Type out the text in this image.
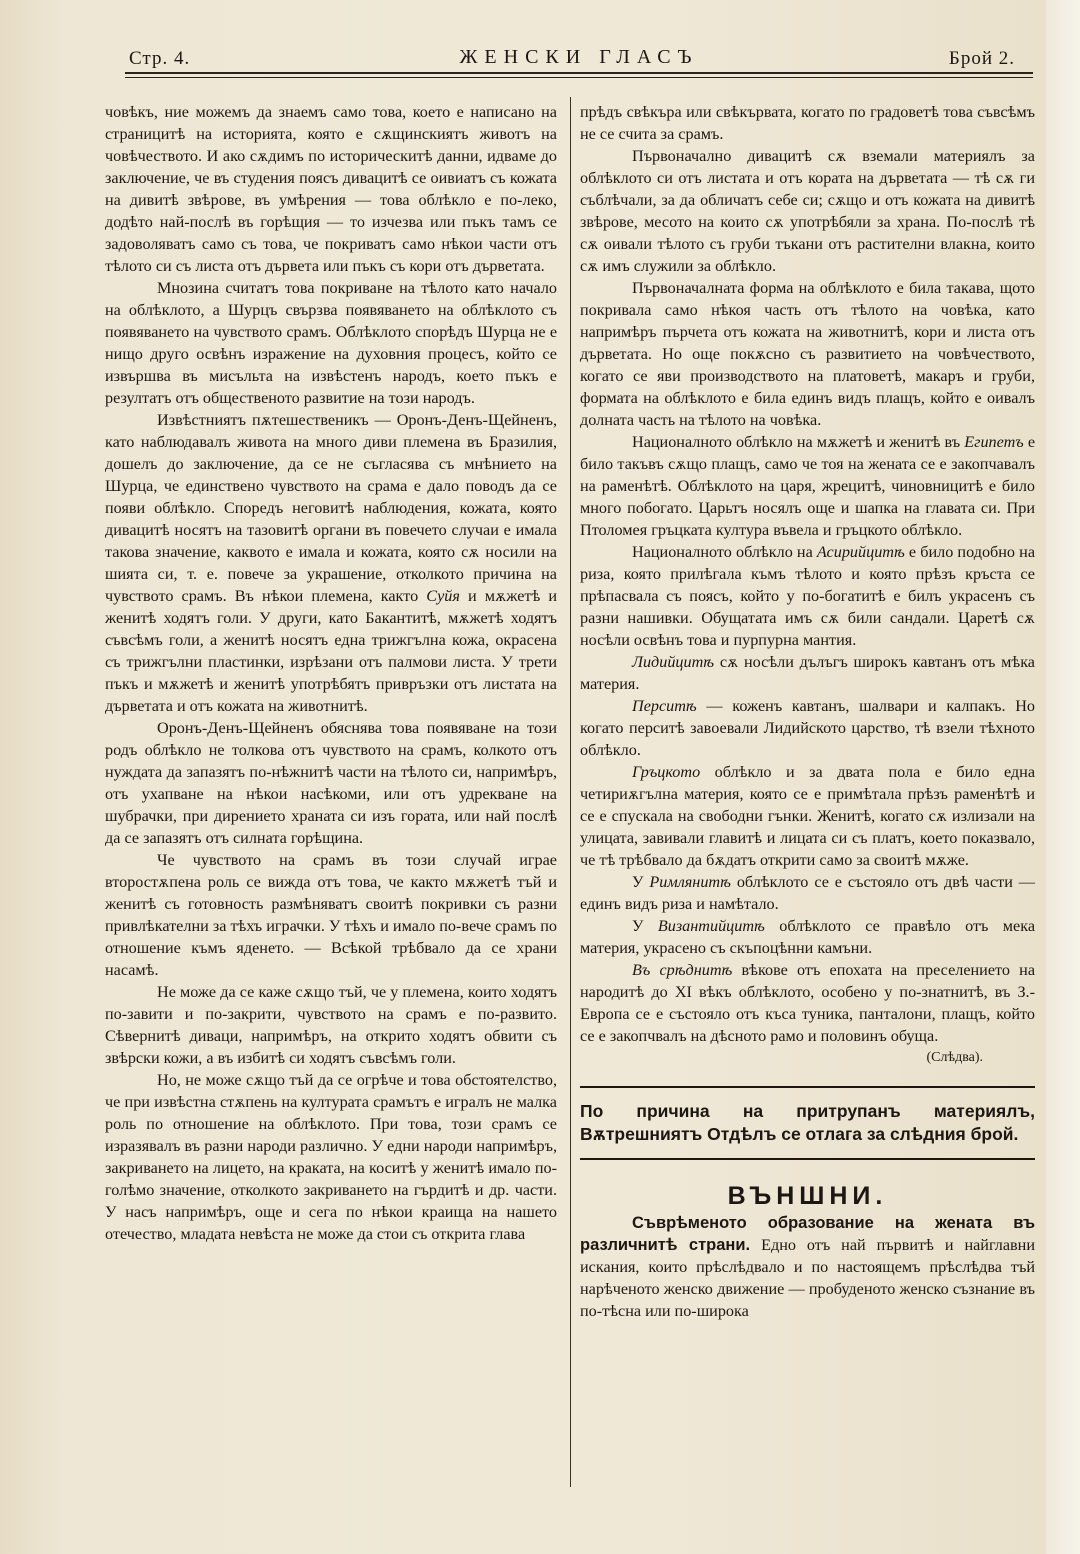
Стр. 4.	ЖЕНСКИ ГЛАСЪ	Брой 2.

човѣкъ, ние можемъ да знаемъ само това, което е написано на страницитѣ на историята, която е сѫщинскиятъ животъ на човѣчеството. И ако сѫдимъ по историческитѣ данни, идваме до заключение, че въ студения поясъ дивацитѣ се оивиатъ съ кожата на дивитѣ звѣрове, въ умѣрения — това облѣкло е по-леко, додѣто най-послѣ въ горѣщия — то изчезва или пъкъ тамъ се задоволяватъ само съ това, че покриватъ само нѣкои части отъ тѣлото си съ листа отъ дървета или пъкъ съ кори отъ дърветата.

Мнозина считатъ това покриване на тѣлото като начало на облѣклото, а Шурцъ свързва появяването на облѣклото съ появяването на чувството срамъ. Облѣклото спорѣдъ Шурца не е нищо друго освѣнъ изражение на духовния процесъ, който се извършва въ мисъльта на извѣстенъ народъ, което пъкъ е резултатъ отъ общественото развитие на този народъ.

Извѣстниятъ пѫтешественикъ — Оронъ-Денъ-Щейненъ, като наблюдавалъ живота на много диви племена въ Бразилия, дошелъ до заключение, да се не съгласява съ мнѣнието на Шурца, че единствено чувството на срама е дало поводъ да се появи облѣкло. Споредъ неговитѣ наблюдения, кожата, която дивацитѣ носятъ на тазовитѣ органи въ повечето случаи е имала такова значение, каквото е имала и кожата, която сѫ носили на шията си, т. е. повече за украшение, отколкото причина на чувството срамъ. Въ нѣкои племена, както Суйя и мѫжетѣ и женитѣ ходятъ голи. У други, като Бакантитѣ, мѫжетѣ ходятъ съвсѣмъ голи, а женитѣ носятъ една трижгълна кожа, окрасена съ трижгълни пластинки, изрѣзани отъ палмови листа. У трети пъкъ и мѫжетѣ и женитѣ употрѣбятъ привръзки отъ листата на дърветата и отъ кожата на животнитѣ.

Оронъ-Денъ-Щейненъ обяснява това появяване на този родъ облѣкло не толкова отъ чувството на срамъ, колкото отъ нуждата да запазятъ по-нѣжнитѣ части на тѣлото си, напримѣръ, отъ ухапване на нѣкои насѣкоми, или отъ удрекване на шубрачки, при дирението храната си изъ гората, или най послѣ да се запазятъ отъ силната горѣщина.

Че чувството на срамъ въ този случай играе второстѫпена роль се вижда отъ това, че както мѫжетѣ тъй и женитѣ съ готовность размѣняватъ своитѣ покривки съ разни привлѣкателни за тѣхъ играчки. У тѣхъ и имало по-вече срамъ по отношение къмъ яденето. — Всѣкой трѣбвало да се храни насамѣ.

Не може да се каже сѫщо тъй, че у племена, които ходятъ по-завити и по-закрити, чувството на срамъ е по-развито. Сѣвернитѣ диваци, напримѣръ, на открито ходятъ обвити съ звѣрски кожи, а въ избитѣ си ходятъ съвсѣмъ голи.

Но, не може сѫщо тъй да се огрѣче и това обстоятелство, че при извѣстна стѫпень на културата срамътъ е игралъ не малка роль по отношение на облѣклото. При това, този срамъ се изразявалъ въ разни народи различно. У едни народи напримѣръ, закриването на лицето, на краката, на коситѣ у женитѣ имало по-голѣмо значение, отколкото закриването на гърдитѣ и др. части. У насъ напримѣръ, още и сега по нѣкои краища на нашето отечество, младата невѣста не може да стои съ открита глава

прѣдъ свѣкъра или свѣкървата, когато по градоветѣ това съвсѣмъ не се счита за срамъ.

Първоначално дивацитѣ сѫ вземали материялъ за облѣклото си отъ листата и отъ кората на дърветата — тѣ сѫ ги съблѣчали, за да обличатъ себе си; сѫщо и отъ кожата на дивитѣ звѣрове, месото на които сѫ употрѣбяли за храна. По-послѣ тѣ сѫ оивали тѣлото съ груби тъкани отъ растителни влакна, които сѫ имъ служили за облѣкло.

Първоначалната форма на облѣклото е била такава, щото покривала само нѣкоя часть отъ тѣлото на човѣка, като напримѣръ пърчета отъ кожата на животнитѣ, кори и листа отъ дърветата. Но още покѫсно съ развитието на човѣчеството, когато се яви производството на платоветѣ, макаръ и груби, формата на облѣклото е била единъ видъ плащъ, който е оивалъ долната часть на тѣлото на човѣка.

Националното облѣкло на мѫжетѣ и женитѣ въ Египетъ е било такъвъ сѫщо плащъ, само че тоя на жената се е закопчавалъ на раменѣтѣ. Облѣклото на царя, жрецитѣ, чиновницитѣ е било много побогато. Царьтъ носялъ още и шапка на главата си. При Птоломея гръцката култура въвела и гръцкото облѣкло.

Националното облѣкло на Асирийцитѣ е било подобно на риза, която прилѣгала къмъ тѣлото и която прѣзъ кръста се прѣпасвала съ поясъ, който у по-богатитѣ е билъ украсенъ съ разни нашивки. Обущатата имъ сѫ били сандали. Царетѣ сѫ носѣли освѣнъ това и пурпурна мантия.

Лидийцитѣ сѫ носѣли дълъгъ широкъ кавтанъ отъ мѣка материя.

Перситѣ — коженъ кавтанъ, шалвари и калпакъ. Но когато перситѣ завоевали Лидийското царство, тѣ взели тѣхното облѣкло.

Гръцкото облѣкло и за двата пола е било една четириѫгълна материя, която се е примѣтала прѣзъ раменѣтѣ и се е спускала на свободни гънки. Женитѣ, когато сѫ излизали на улицата, завивали главитѣ и лицата си съ платъ, което показвало, че тѣ трѣбвало да бѫдатъ открити само за своитѣ мѫже.

У Римлянитѣ облѣклото се е състояло отъ двѣ части — единъ видъ риза и намѣтало.

У Византийцитѣ облѣклото се правѣло отъ мека материя, украсено съ скъпоцѣнни камъни.

Въ срѣднитѣ вѣкове отъ епохата на преселението на народитѣ до XI вѣкъ облѣклото, особено у по-знатнитѣ, въ З.-Европа се е състояло отъ къса туника, панталони, плащъ, който се е закопчвалъ на дѣсното рамо и половинъ обуща.

(Слѣдва).

По причина на притрупанъ материялъ, Вѫтрешниятъ Отдѣлъ се отлага за слѣдния брой.

ВЪНШНИ.

Съврѣменото образование на жената въ различнитѣ страни. Едно отъ най първитѣ и найглавни искания, които прѣслѣдвало и по настоящемъ прѣслѣдва тъй нарѣченото женско движение — пробуденото женско съзнание въ по-тѣсна или по-широка
